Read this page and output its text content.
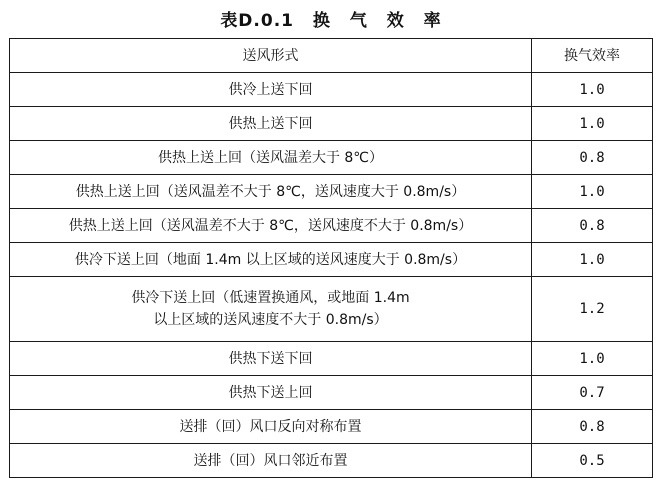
表D.0.1 换 气 效 率
送风形式	换气效率
供冷上送下回	1.0
供热上送下回	1.0
供热上送上回（送风温差大于 8℃）	0.8
供热上送上回（送风温差不大于 8℃，送风速度大于 0.8m/s）	1.0
供热上送上回（送风温差不大于 8℃，送风速度不大于 0.8m/s）	0.8
供冷下送上回（地面 1.4m 以上区域的送风速度大于 0.8m/s）	1.0

供冷下送上回（低速置换通风，或地面 1.4m
以上区域的送风速度不大于 0.8m/s）	1.2
供热下送下回	1.0
供热下送上回	0.7
送排（回）风口反向对称布置	0.8
送排（回）风口邻近布置	0.5
